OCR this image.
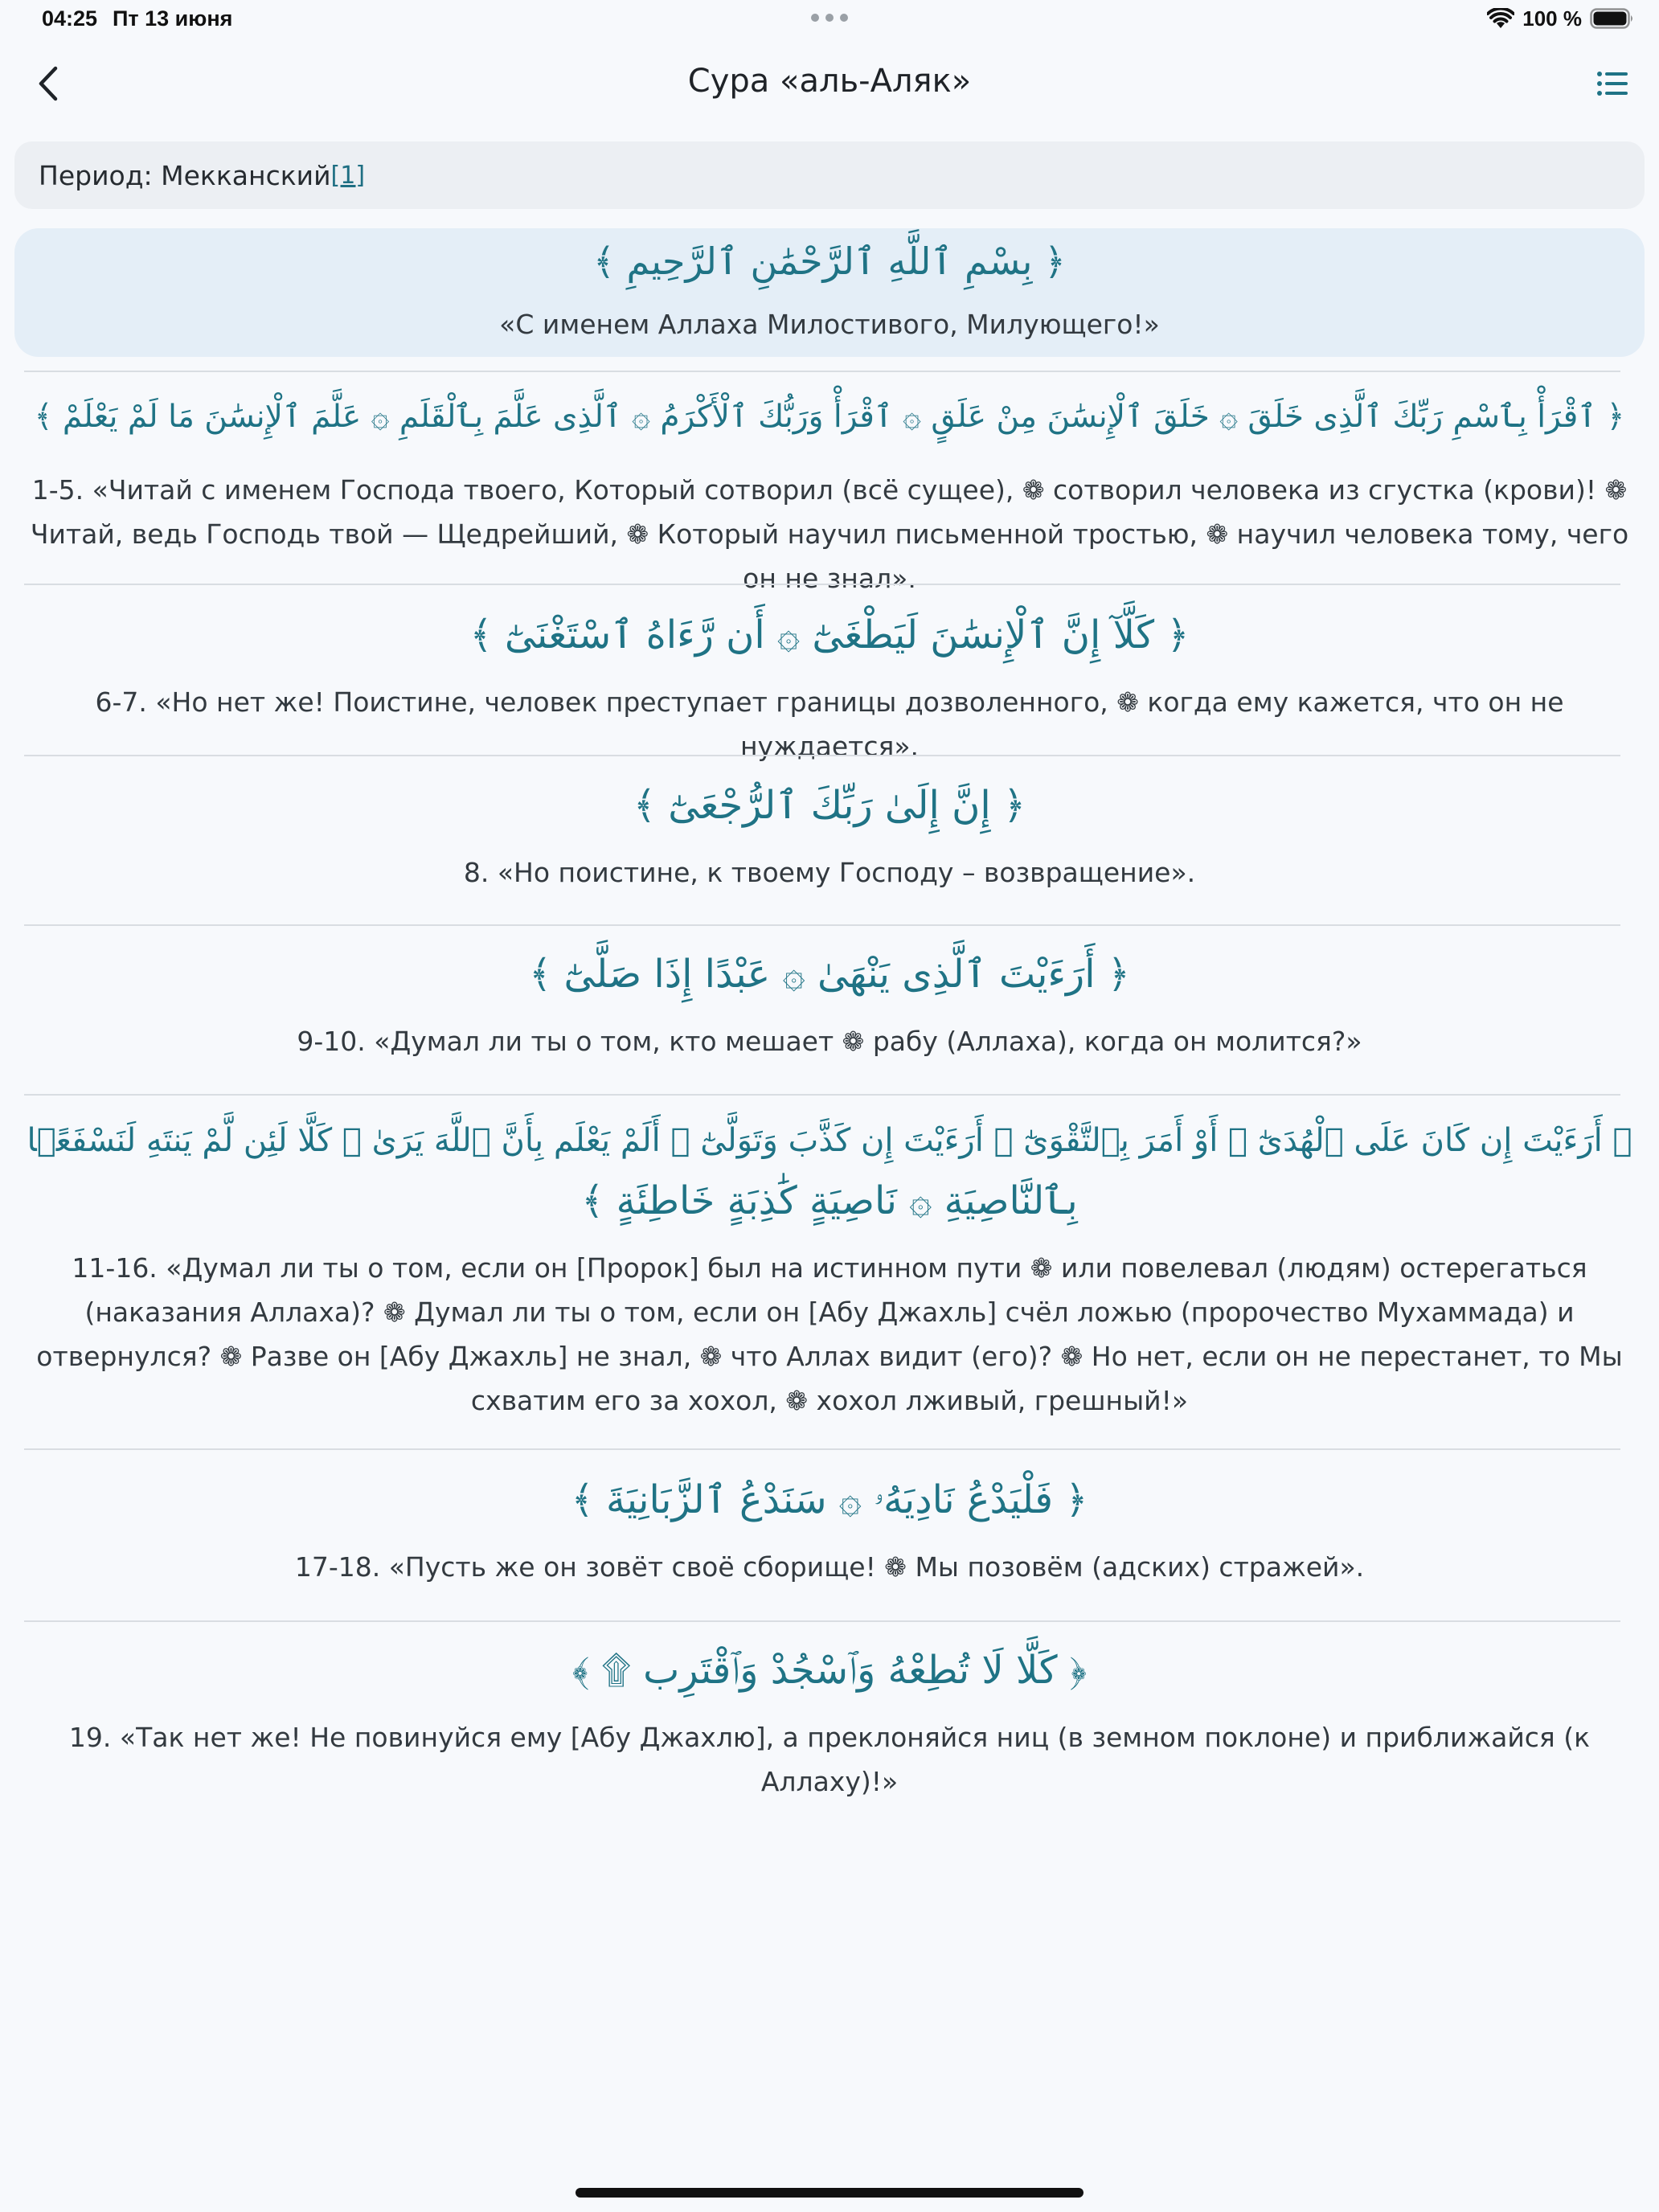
04:25 Пт 13 июня	100 %
Сура «аль-Аляк»
Период: Мекканский [1]
﴿ بِسْمِ ٱللَّهِ ٱلرَّحْمَٰنِ ٱلرَّحِيمِ ﴾
«С именем Аллаха Милостивого, Милующего!»
﴿ ٱقْرَأْ بِٱسْمِ رَبِّكَ ٱلَّذِى خَلَقَ ۞ خَلَقَ ٱلْإِنسَٰنَ مِنْ عَلَقٍ ۞ ٱقْرَأْ وَرَبُّكَ ٱلْأَكْرَمُ ۞ ٱلَّذِى عَلَّمَ بِٱلْقَلَمِ ۞ عَلَّمَ ٱلْإِنسَٰنَ مَا لَمْ يَعْلَمْ ﴾
1-5. «Читай с именем Господа твоего, Который сотворил (всё сущее), ❁ сотворил человека из сгустка (крови)! ❁ Читай, ведь Господь твой — Щедрейший, ❁ Который научил письменной тростью, ❁ научил человека тому, чего он не знал».
﴿ كَلَّآ إِنَّ ٱلْإِنسَٰنَ لَيَطْغَىٰٓ ۞ أَن رَّءَاهُ ٱسْتَغْنَىٰٓ ﴾
6-7. «Но нет же! Поистине, человек преступает границы дозволенного, ❁ когда ему кажется, что он не нуждается».
﴿ إِنَّ إِلَىٰ رَبِّكَ ٱلرُّجْعَىٰٓ ﴾
8. «Но поистине, к твоему Господу – возвращение».
﴿ أَرَءَيْتَ ٱلَّذِى يَنْهَىٰ ۞ عَبْدًا إِذَا صَلَّىٰٓ ﴾
9-10. «Думал ли ты о том, кто мешает ❁ рабу (Аллаха), когда он молится?»
﴿ أَرَءَيْتَ إِن كَانَ عَلَى ٱلْهُدَىٰٓ ۞ أَوْ أَمَرَ بِٱلتَّقْوَىٰٓ ۞ أَرَءَيْتَ إِن كَذَّبَ وَتَوَلَّىٰٓ ۞ أَلَمْ يَعْلَم بِأَنَّ ٱللَّهَ يَرَىٰ ۞ كَلَّا لَئِن لَّمْ يَنتَهِ لَنَسْفَعًۢا
بِٱلنَّاصِيَةِ ۞ نَاصِيَةٍ كَٰذِبَةٍ خَاطِئَةٍ ﴾
11-16. «Думал ли ты о том, если он [Пророк] был на истинном пути ❁ или повелевал (людям) остерегаться (наказания Аллаха)? ❁ Думал ли ты о том, если он [Абу Джахль] счёл ложью (пророчество Мухаммада) и отвернулся? ❁ Разве он [Абу Джахль] не знал, ❁ что Аллах видит (его)? ❁ Но нет, если он не перестанет, то Мы схватим его за хохол, ❁ хохол лживый, грешный!»
﴿ فَلْيَدْعُ نَادِيَهُۥ ۞ سَنَدْعُ ٱلزَّبَانِيَةَ ﴾
17-18. «Пусть же он зовёт своё сборище! ❁ Мы позовём (адских) стражей».
﴿ كَلَّا لَا تُطِعْهُ وَٱسْجُدْ وَٱقْتَرِب ۩ ﴾
19. «Так нет же! Не повинуйся ему [Абу Джахлю], а преклоняйся ниц (в земном поклоне) и приближайся (к Аллаху)!»
